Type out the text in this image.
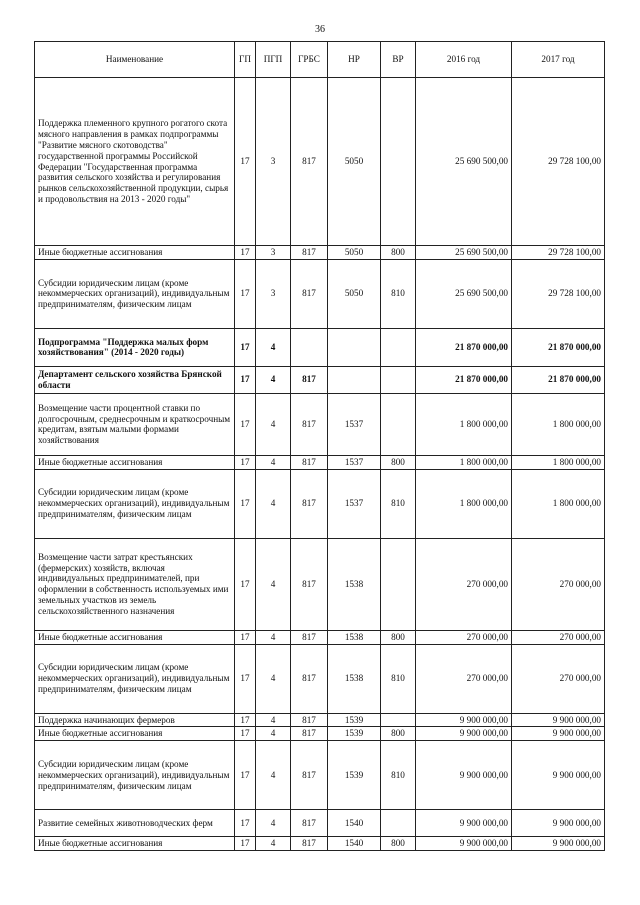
36
Наименование	ГП	ПГП	ГРБС	НР	ВР	2016 год	2017 год
Поддержка племенного крупного рогатого скота мясного направления в рамках подпрограммы "Развитие мясного скотоводства" государственной программы Российской Федерации "Государственная программа развития сельского хозяйства и регулирования рынков сельскохозяйственной продукции, сырья и продовольствия на 2013 - 2020 годы"	17	3	817	5050		25 690 500,00	29 728 100,00
Иные бюджетные ассигнования	17	3	817	5050	800	25 690 500,00	29 728 100,00
Субсидии юридическим лицам (кроме некоммерческих организаций), индивидуальным предпринимателям, физическим лицам	17	3	817	5050	810	25 690 500,00	29 728 100,00
Подпрограмма "Поддержка малых форм хозяйствования" (2014 - 2020 годы)	17	4				21 870 000,00	21 870 000,00
Департамент сельского хозяйства Брянской области	17	4	817			21 870 000,00	21 870 000,00
Возмещение части процентной ставки по долгосрочным, среднесрочным и краткосрочным кредитам, взятым малыми формами хозяйствования	17	4	817	1537		1 800 000,00	1 800 000,00
Иные бюджетные ассигнования	17	4	817	1537	800	1 800 000,00	1 800 000,00
Субсидии юридическим лицам (кроме некоммерческих организаций), индивидуальным предпринимателям, физическим лицам	17	4	817	1537	810	1 800 000,00	1 800 000,00
Возмещение части затрат крестьянских (фермерских) хозяйств, включая индивидуальных предпринимателей, при оформлении в собственность используемых ими земельных участков из земель сельскохозяйственного назначения	17	4	817	1538		270 000,00	270 000,00
Иные бюджетные ассигнования	17	4	817	1538	800	270 000,00	270 000,00
Субсидии юридическим лицам (кроме некоммерческих организаций), индивидуальным предпринимателям, физическим лицам	17	4	817	1538	810	270 000,00	270 000,00
Поддержка начинающих фермеров	17	4	817	1539		9 900 000,00	9 900 000,00
Иные бюджетные ассигнования	17	4	817	1539	800	9 900 000,00	9 900 000,00
Субсидии юридическим лицам (кроме некоммерческих организаций), индивидуальным предпринимателям, физическим лицам	17	4	817	1539	810	9 900 000,00	9 900 000,00
Развитие семейных животноводческих ферм	17	4	817	1540		9 900 000,00	9 900 000,00
Иные бюджетные ассигнования	17	4	817	1540	800	9 900 000,00	9 900 000,00
